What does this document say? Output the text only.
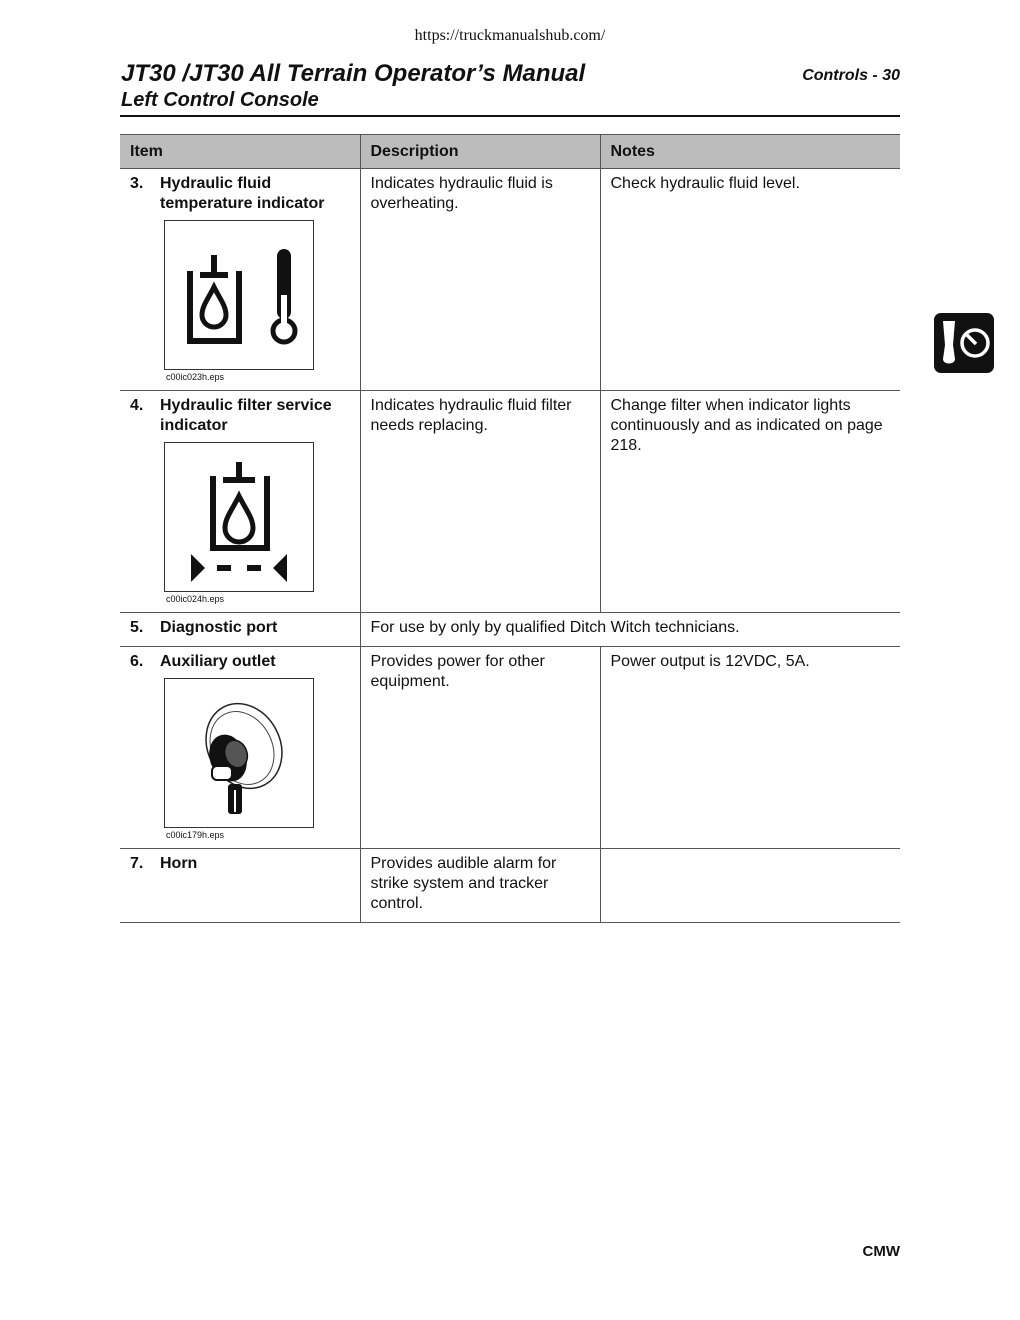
https://truckmanualshub.com/
JT30 /JT30 All Terrain Operator’s Manual
Left Control Console
Controls - 30
Item	Description	Notes

3. Hydraulic fluid temperature indicator
c00ic023h.eps	Indicates hydraulic fluid is overheating.	Check hydraulic fluid level.

4. Hydraulic filter service indicator
c00ic024h.eps	Indicates hydraulic fluid filter needs replacing.	Change filter when indicator lights continuously and as indicated on page 218.

5. Diagnostic port	For use by only by qualified Ditch Witch technicians.	

6. Auxiliary outlet
c00ic179h.eps	Provides power for other equipment.	Power output is 12VDC, 5A.

7. Horn	Provides audible alarm for strike system and tracker control.	
CMW
